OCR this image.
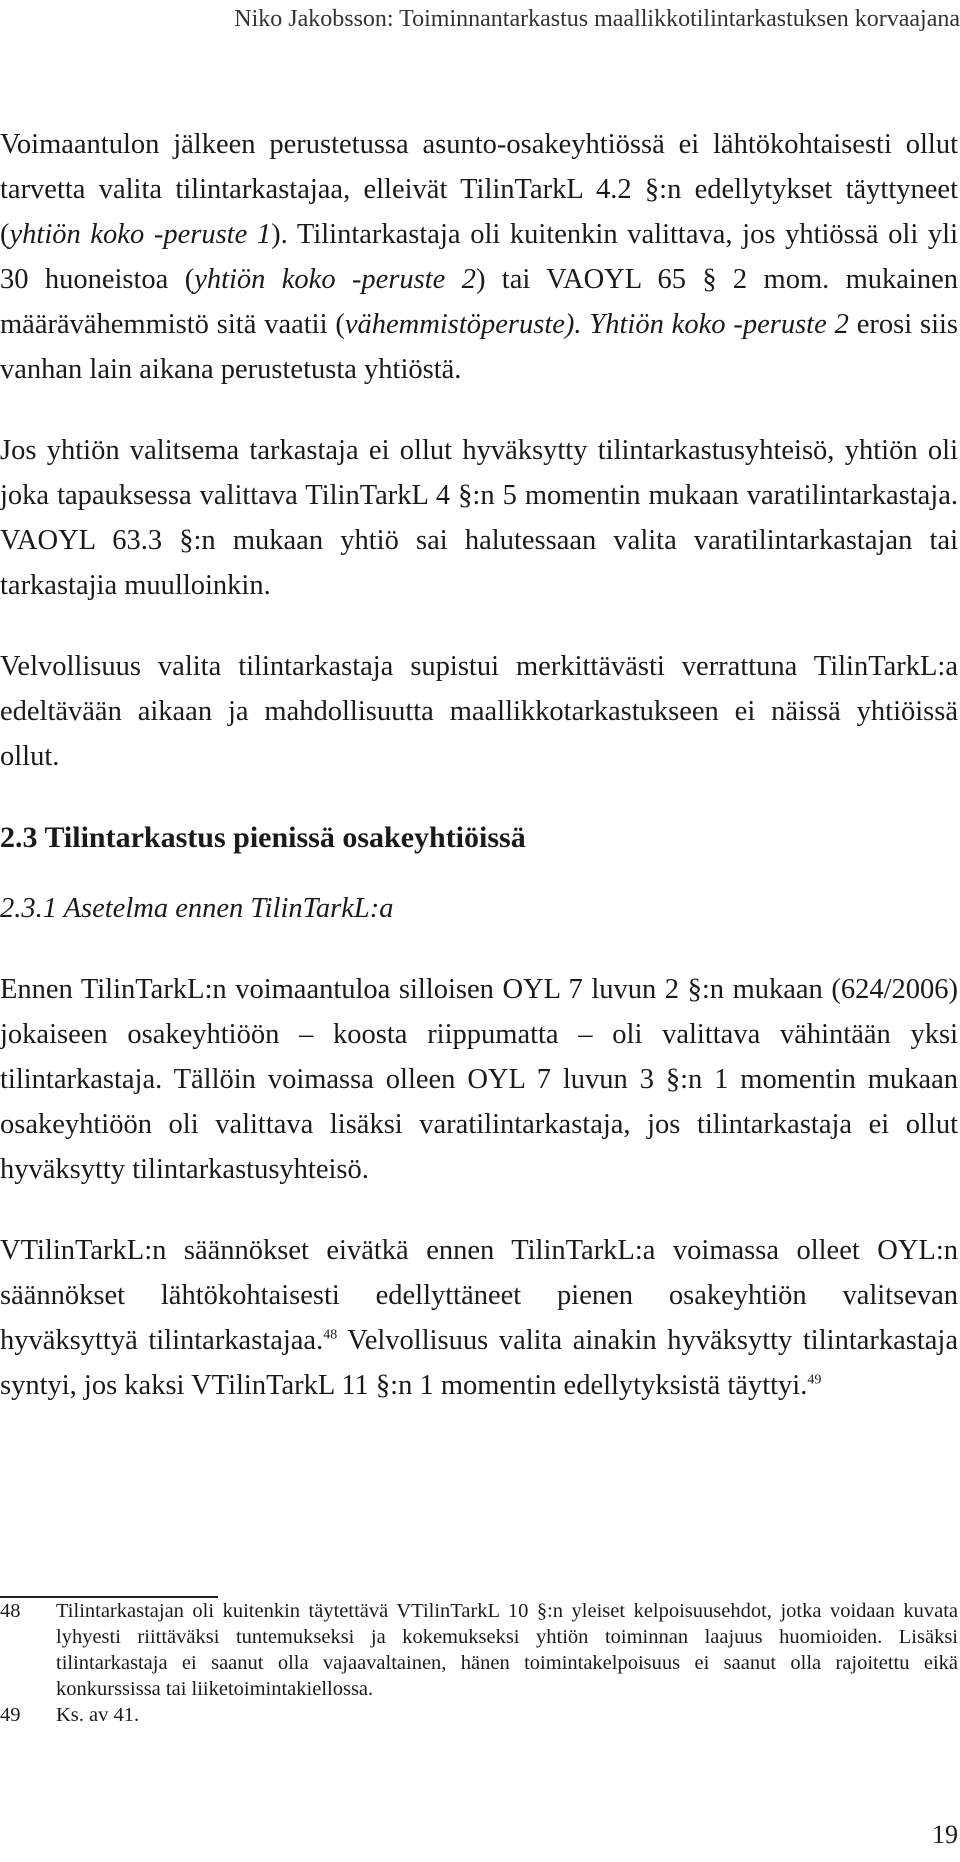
Niko Jakobsson: Toiminnantarkastus maallikkotilintarkastuksen korvaajana

Voimaantulon jälkeen perustetussa asunto-osakeyhtiössä ei lähtökohtaisesti ollut tarvetta valita tilintarkastajaa, elleivät TilinTarkL 4.2 §:n edellytykset täyttyneet (yhtiön koko -peruste 1). Tilintarkastaja oli kuitenkin valittava, jos yhtiössä oli yli 30 huoneistoa (yhtiön koko -peruste 2) tai VAOYL 65 § 2 mom. mukainen määrävähemmistö sitä vaatii (vähemmistöperuste). Yhtiön koko -peruste 2 erosi siis vanhan lain aikana perustetusta yhtiöstä.

Jos yhtiön valitsema tarkastaja ei ollut hyväksytty tilintarkastusyhteisö, yhtiön oli joka tapauksessa valittava TilinTarkL 4 §:n 5 momentin mukaan varatilintarkastaja. VAOYL 63.3 §:n mukaan yhtiö sai halutessaan valita varatilintarkastajan tai tarkastajia muulloinkin.

Velvollisuus valita tilintarkastaja supistui merkittävästi verrattuna TilinTarkL:a edeltävään aikaan ja mahdollisuutta maallikkotarkastukseen ei näissä yhtiöissä ollut.

2.3 Tilintarkastus pienissä osakeyhtiöissä
2.3.1 Asetelma ennen TilinTarkL:a

Ennen TilinTarkL:n voimaantuloa silloisen OYL 7 luvun 2 §:n mukaan (624/2006) jokaiseen osakeyhtiöön – koosta riippumatta – oli valittava vähintään yksi tilintarkastaja. Tällöin voimassa olleen OYL 7 luvun 3 §:n 1 momentin mukaan osakeyhtiöön oli valittava lisäksi varatilintarkastaja, jos tilintarkastaja ei ollut hyväksytty tilintarkastusyhteisö.

VTilinTarkL:n säännökset eivätkä ennen TilinTarkL:a voimassa olleet OYL:n säännökset lähtökohtaisesti edellyttäneet pienen osakeyhtiön valitsevan hyväksyttyä tilintarkastajaa.$^{48}$ Velvollisuus valita ainakin hyväksytty tilintarkastaja syntyi, jos kaksi VTilinTarkL 11 §:n 1 momentin edellytyksistä täyttyi.$^{49}$

48	Tilintarkastajan oli kuitenkin täytettävä VTilinTarkL 10 §:n yleiset kelpoisuusehdot, jotka voidaan kuvata lyhyesti riittäväksi tuntemukseksi ja kokemukseksi yhtiön toiminnan laajuus huomioiden. Lisäksi tilintarkastaja ei saanut olla vajaavaltainen, hänen toimintakelpoisuus ei saanut olla rajoitettu eikä konkurssissa tai liiketoimintakiellossa.
49	Ks. av 41.
19
